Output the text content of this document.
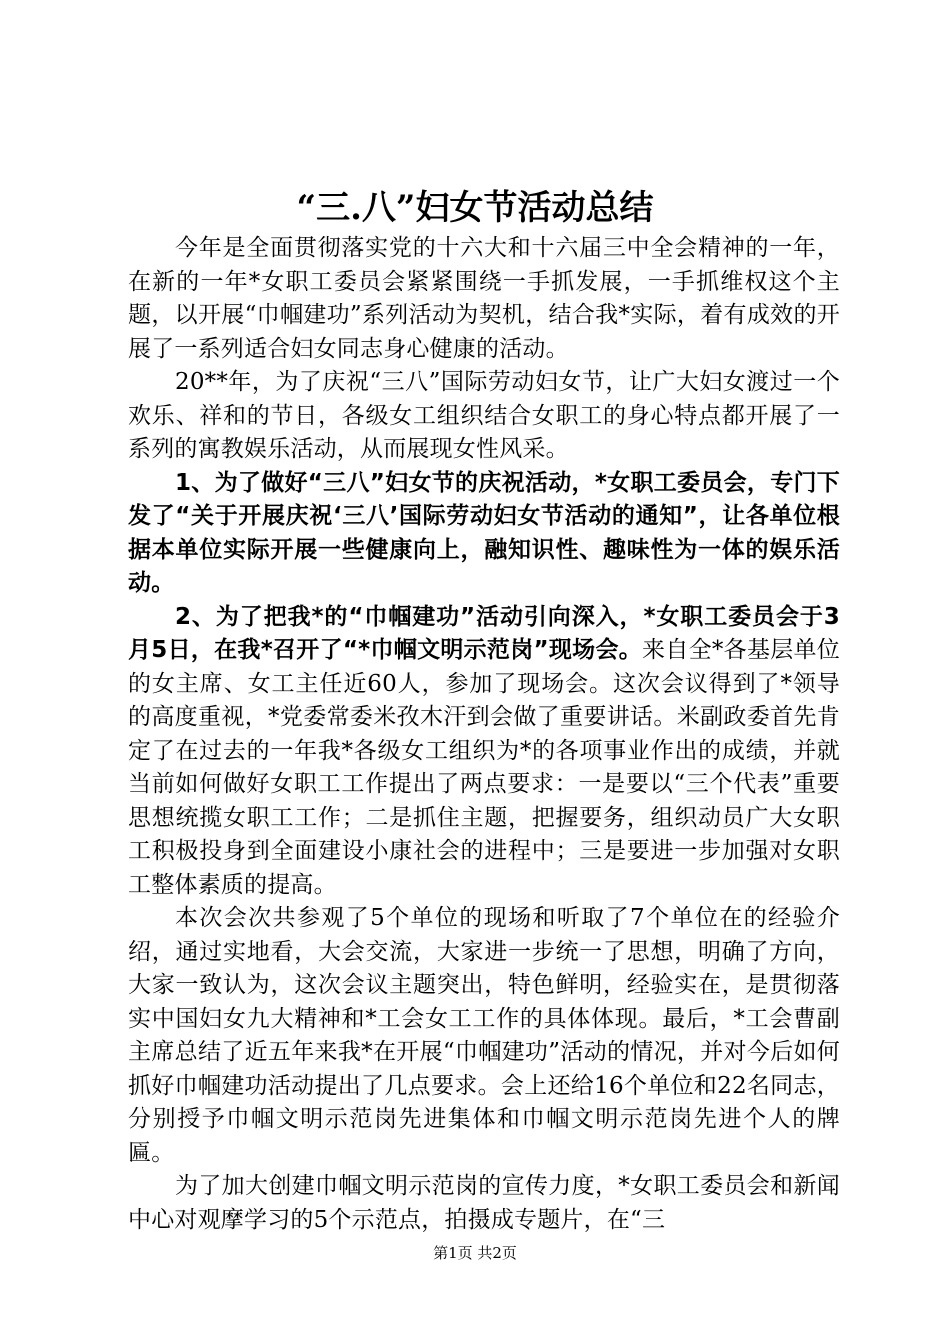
“三.八”妇女节活动总结

今年是全面贯彻落实党的十六大和十六届三中全会精神的一年，在新的一年*女职工委员会紧紧围绕一手抓发展，一手抓维权这个主题，以开展“巾帼建功”系列活动为契机，结合我*实际，着有成效的开展了一系列适合妇女同志身心健康的活动。

20**年，为了庆祝“三八”国际劳动妇女节，让广大妇女渡过一个欢乐、祥和的节日，各级女工组织结合女职工的身心特点都开展了一系列的寓教娱乐活动，从而展现女性风采。

1、为了做好“三八”妇女节的庆祝活动，*女职工委员会，专门下发了“关于开展庆祝‘三八’国际劳动妇女节活动的通知”，让各单位根据本单位实际开展一些健康向上，融知识性、趣味性为一体的娱乐活动。

2、为了把我*的“巾帼建功”活动引向深入，*女职工委员会于3月5日，在我*召开了“*巾帼文明示范岗”现场会。来自全*各基层单位的女主席、女工主任近60人，参加了现场会。这次会议得到了*领导的高度重视，*党委常委米孜木汗到会做了重要讲话。米副政委首先肯定了在过去的一年我*各级女工组织为*的各项事业作出的成绩，并就当前如何做好女职工工作提出了两点要求：一是要以“三个代表”重要思想统揽女职工工作；二是抓住主题，把握要务，组织动员广大女职工积极投身到全面建设小康社会的进程中；三是要进一步加强对女职工整体素质的提高。

本次会次共参观了5个单位的现场和听取了7个单位在的经验介绍，通过实地看，大会交流，大家进一步统一了思想，明确了方向，大家一致认为，这次会议主题突出，特色鲜明，经验实在，是贯彻落实中国妇女九大精神和*工会女工工作的具体体现。最后，*工会曹副主席总结了近五年来我*在开展“巾帼建功”活动的情况，并对今后如何抓好巾帼建功活动提出了几点要求。会上还给16个单位和22名同志，分别授予巾帼文明示范岗先进集体和巾帼文明示范岗先进个人的牌匾。

为了加大创建巾帼文明示范岗的宣传力度，*女职工委员会和新闻中心对观摩学习的5个示范点，拍摄成专题片，在“三

第1页 共2页
